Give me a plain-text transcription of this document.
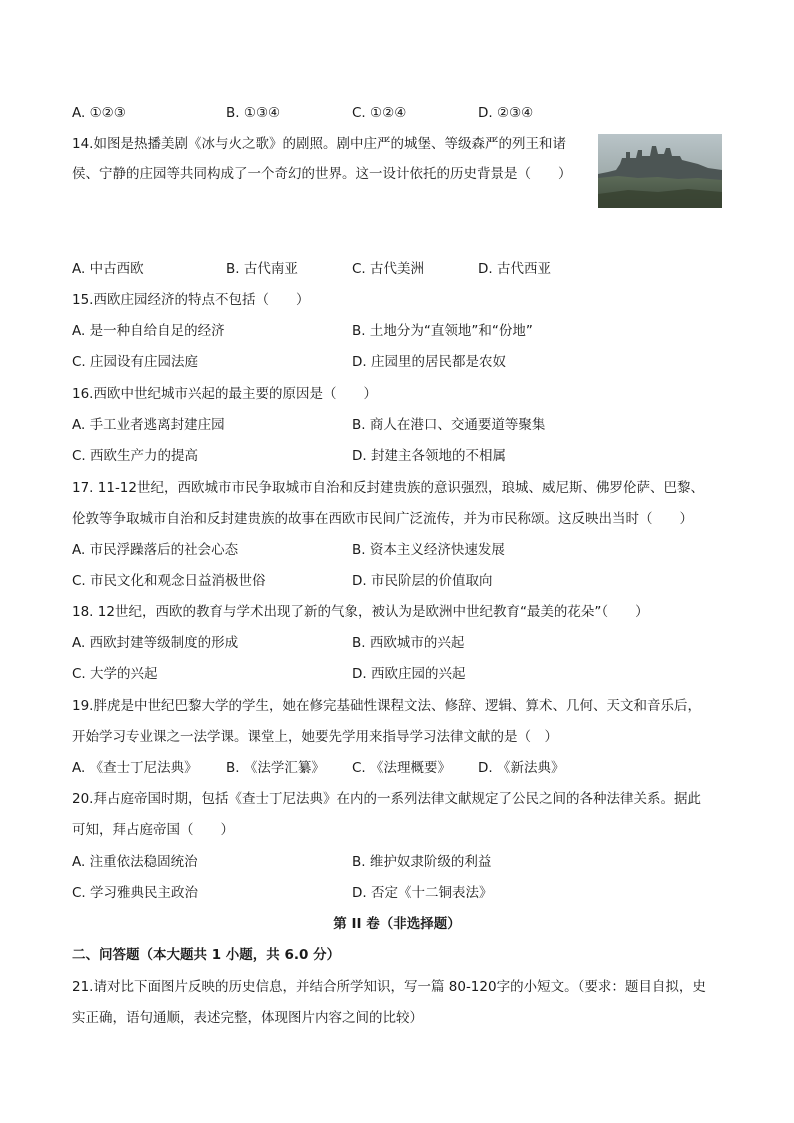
A. ①②③	B. ①③④	C. ①②④	D. ②③④
14.如图是热播美剧《冰与火之歌》的剧照。剧中庄严的城堡、等级森严的列王和诸
侯、宁静的庄园等共同构成了一个奇幻的世界。这一设计依托的历史背景是（　　）
A. 中古西欧	B. 古代南亚	C. 古代美洲	D. 古代西亚
15.西欧庄园经济的特点不包括（　　）
A. 是一种自给自足的经济	B. 土地分为“直领地”和“份地”
C. 庄园设有庄园法庭	D. 庄园里的居民都是农奴
16.西欧中世纪城市兴起的最主要的原因是（　　）
A. 手工业者逃离封建庄园	B. 商人在港口、交通要道等聚集
C. 西欧生产力的提高	D. 封建主各领地的不相属
17. 11-12世纪，西欧城市市民争取城市自治和反封建贵族的意识强烈，琅城、威尼斯、佛罗伦萨、巴黎、
伦敦等争取城市自治和反封建贵族的故事在西欧市民间广泛流传，并为市民称颂。这反映出当时（　　）
A. 市民浮躁落后的社会心态	B. 资本主义经济快速发展
C. 市民文化和观念日益消极世俗	D. 市民阶层的价值取向
18. 12世纪，西欧的教育与学术出现了新的气象，被认为是欧洲中世纪教育“最美的花朵”（　　）
A. 西欧封建等级制度的形成	B. 西欧城市的兴起
C. 大学的兴起	D. 西欧庄园的兴起
19.胖虎是中世纪巴黎大学的学生，她在修完基础性课程文法、修辞、逻辑、算术、几何、天文和音乐后，
开始学习专业课之一法学课。课堂上，她要先学用来指导学习法律文献的是（　）
A. 《查士丁尼法典》 B. 《法学汇纂》 C. 《法理概要》 D. 《新法典》
20.拜占庭帝国时期，包括《查士丁尼法典》在内的一系列法律文献规定了公民之间的各种法律关系。据此
可知，拜占庭帝国（　　）
A. 注重依法稳固统治	B. 维护奴隶阶级的利益
C. 学习雅典民主政治	D. 否定《十二铜表法》
第 II 卷（非选择题）
二、问答题（本大题共 1 小题，共 6.0 分）
21.请对比下面图片反映的历史信息，并结合所学知识，写一篇 80-120字的小短文。（要求：题目自拟，史
实正确，语句通顺，表述完整，体现图片内容之间的比较）
